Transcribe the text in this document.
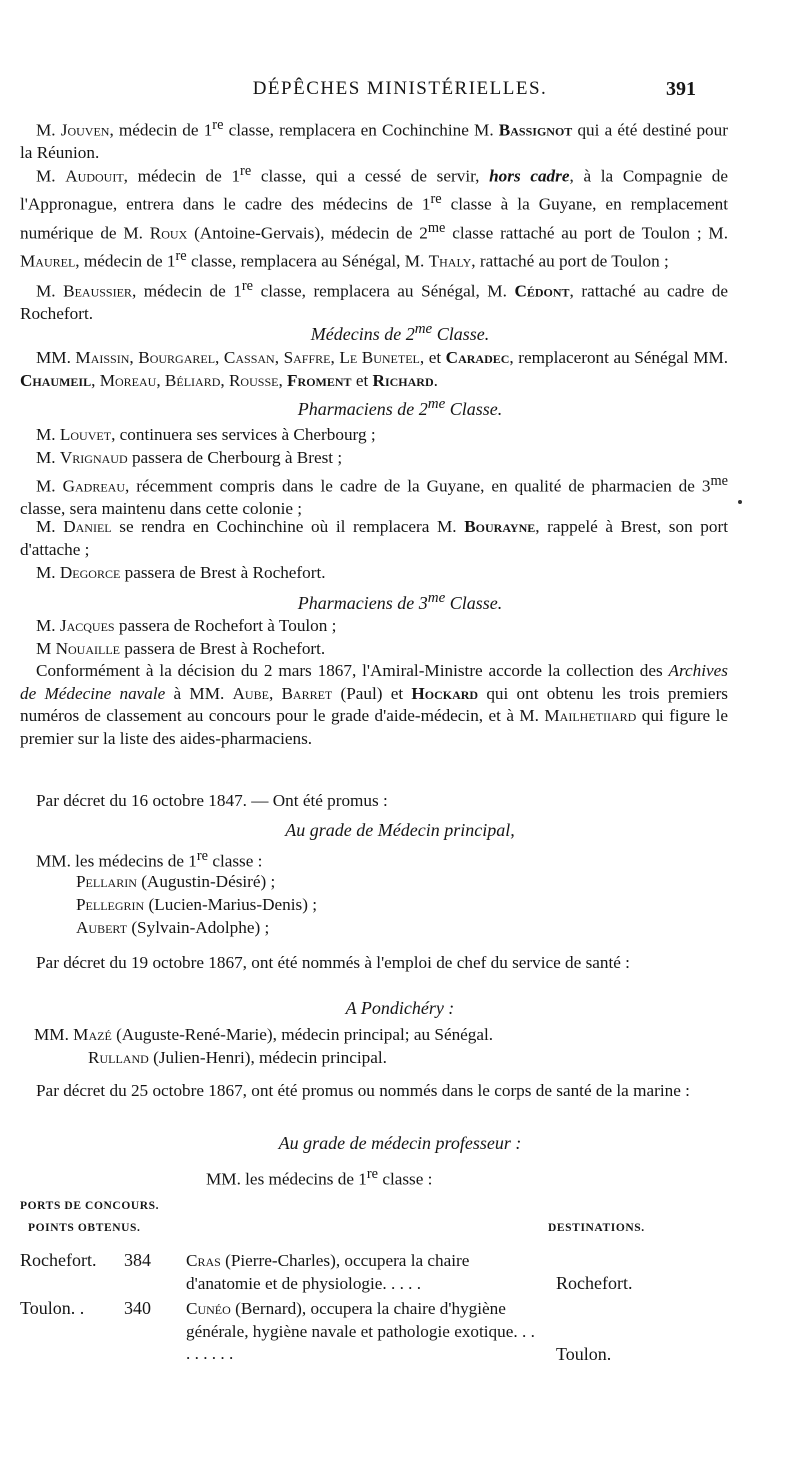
DÉPÊCHES MINISTÉRIELLES.	391
M. Jouven, médecin de 1re classe, remplacera en Cochinchine M. Bassignot qui a été destiné pour la Réunion.
M. Audouit, médecin de 1re classe, qui a cessé de servir, hors cadre, à la Compagnie de l'Appronague, entrera dans le cadre des médecins de 1re classe à la Guyane, en remplacement numérique de M. Roux (Antoine-Gervais), médecin de $2^{me}$ classe rattaché au port de Toulon ; M. Maurel, médecin de 1re classe, remplacera au Sénégal, M. Thaly, rattaché au port de Toulon ;
M. Beaussier, médecin de 1re classe, remplacera au Sénégal, M. Cédont, rattaché au cadre de Rochefort.
Médecins de $2^{me}$ Classe.
MM. Maissin, Bourgarel, Cassan, Saffre, Le Bunetel, et Caradec, remplaceront au Sénégal MM. Chaumeil, Moreau, Béliard, Rousse, Froment et Richard.
Pharmaciens de $2^{me}$ Classe.
M. Louvet, continuera ses services à Cherbourg ;
M. Vrignaud passera de Cherbourg à Brest ;
M. Gadreau, récemment compris dans le cadre de la Guyane, en qualité de pharmacien de $3^{me}$ classe, sera maintenu dans cette colonie ;
M. Daniel se rendra en Cochinchine où il remplacera M. Bourayne, rappelé à Brest, son port d'attache ;
M. Degorce passera de Brest à Rochefort.
Pharmaciens de $3^{me}$ Classe.
M. Jacques passera de Rochefort à Toulon ;
M Nouaille passera de Brest à Rochefort.
Conformément à la décision du 2 mars 1867, l'Amiral-Ministre accorde la collection des Archives de Médecine navale à MM. Aube, Barret (Paul) et Hockard qui ont obtenu les trois premiers numéros de classement au concours pour le grade d'aide-médecin, et à M. Mailhetiiard qui figure le premier sur la liste des aides-pharmaciens.
Par décret du 16 octobre 1847. — Ont été promus :
Au grade de Médecin principal,
MM. les médecins de 1re classe :
Pellarin (Augustin-Désiré) ;
Pellegrin (Lucien-Marius-Denis) ;
Aubert (Sylvain-Adolphe) ;
Par décret du 19 octobre 1867, ont été nommés à l'emploi de chef du service de santé :
A Pondichéry :
MM. Mazé (Auguste-René-Marie), médecin principal; au Sénégal.
Rulland (Julien-Henri), médecin principal.
Par décret du 25 octobre 1867, ont été promus ou nommés dans le corps de santé de la marine :
Au grade de médecin professeur :
MM. les médecins de 1re classe :
PORTS DE CONCOURS.
POINTS OBTENUS.	DESTINATIONS.
Rochefort. 384 Cras (Pierre-Charles), occupera la chaire d'anatomie et de physiologie. . . . .	Rochefort.
Toulon. . 340 Cunéo (Bernard), occupera la chaire d'hygiène générale, hygiène navale et pathologie exotique. . . . . . . . .	Toulon.
